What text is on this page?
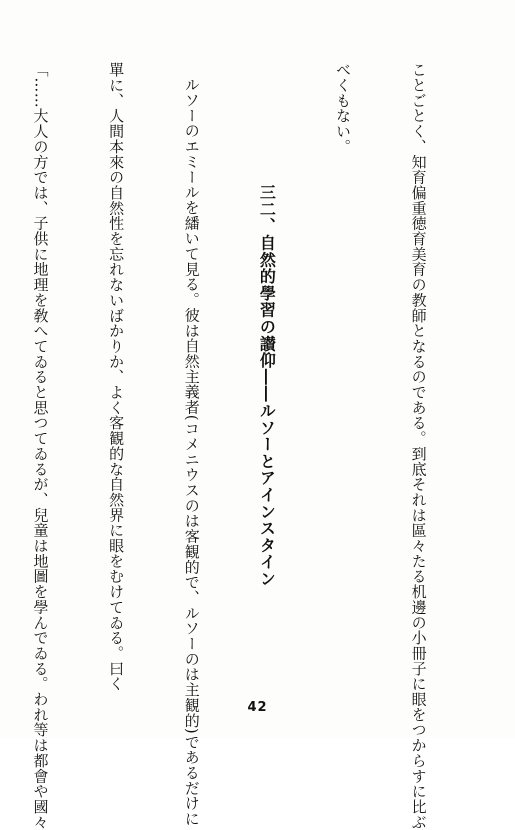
ことごとく、知育偏重徳育美育の教師となるのである。到底それは區々たる机邊の小冊子に眼をつからすに比ぶ

べくもない。

三二、自然的學習の讃仰――ルソーとアインスタイン

ルソーのエミールを繙いて見る。彼は自然主義者(コメニウスのは客観的で、ルソーのは主観的)であるだけに

單に、人間本來の自然性を忘れないばかりか、よく客観的な自然界に眼をむけてゐる。曰く

「……大人の方では、子供に地理を敎へてゐると思つてゐるが、兒童は地圖を學んでゐる。われ等は都會や國々

	42
